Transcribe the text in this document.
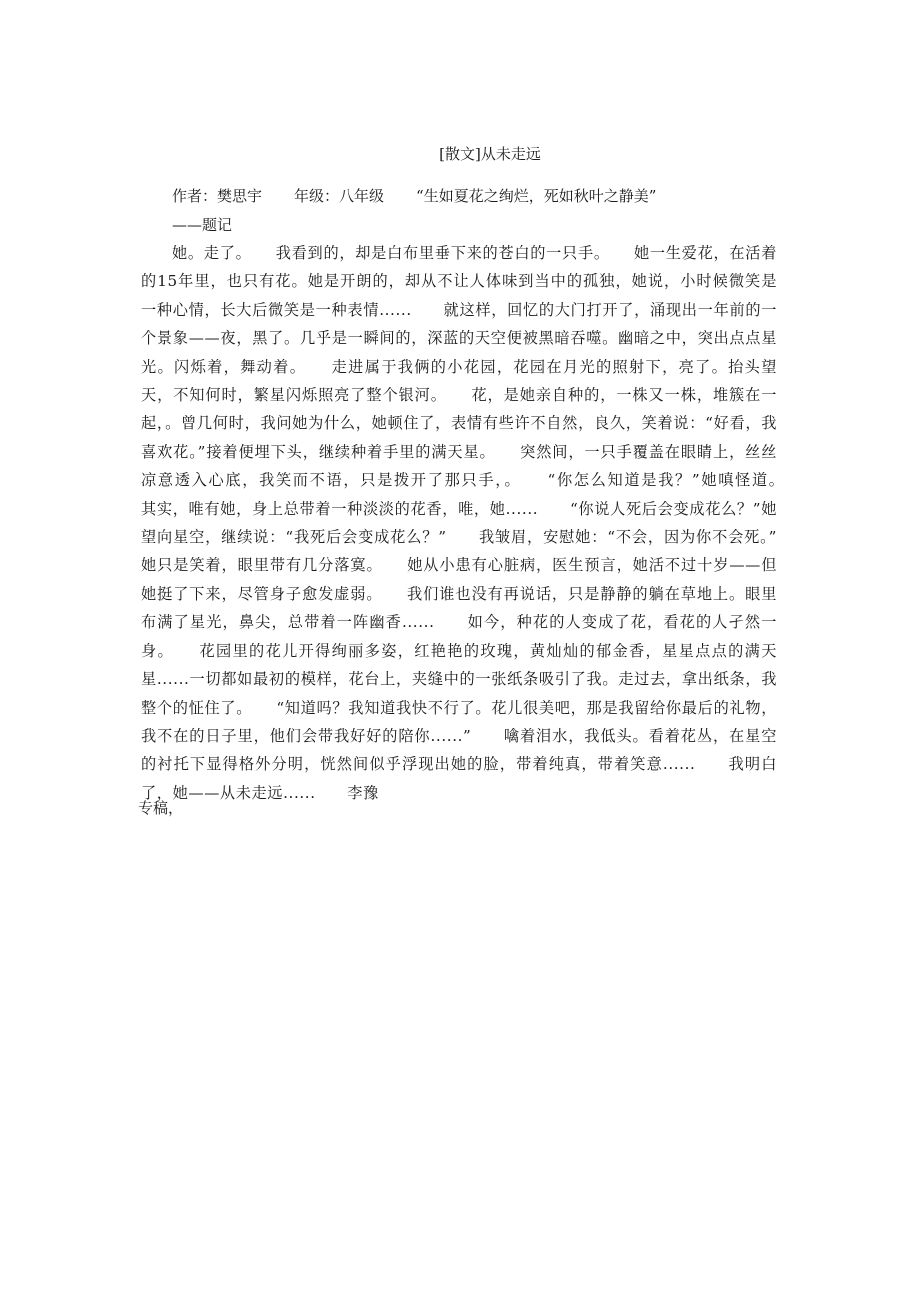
[散文]从未走远
作者：樊思宇 年级：八年级 “生如夏花之绚烂，死如秋叶之静美”
——题记
她。走了。　　我看到的，却是白布里垂下来的苍白的一只手。　　她一生爱花，在活着的15年里，也只有花。她是开朗的，却从不让人体味到当中的孤独，她说，小时候微笑是一种心情，长大后微笑是一种表情......　　就这样，回忆的大门打开了，涌现出一年前的一个景象——夜，黑了。几乎是一瞬间的，深蓝的天空便被黑暗吞噬。幽暗之中，突出点点星光。闪烁着，舞动着。　　走进属于我俩的小花园，花园在月光的照射下，亮了。抬头望天，不知何时，繁星闪烁照亮了整个银河。　　花，是她亲自种的，一株又一株，堆簇在一起，。曾几何时，我问她为什么，她顿住了，表情有些许不自然，良久，笑着说：“好看，我喜欢花。”接着便埋下头，继续种着手里的满天星。　　突然间，一只手覆盖在眼睛上，丝丝凉意透入心底，我笑而不语，只是拨开了那只手，。　　“你怎么知道是我？”她嗔怪道。　　其实，唯有她，身上总带着一种淡淡的花香，唯，她......　　“你说人死后会变成花么？”她望向星空，继续说：“我死后会变成花么？”　　我皱眉，安慰她：“不会，因为你不会死。”　　她只是笑着，眼里带有几分落寞。　　她从小患有心脏病，医生预言，她活不过十岁——但她挺了下来，尽管身子愈发虚弱。　　我们谁也没有再说话，只是静静的躺在草地上。眼里布满了星光，鼻尖，总带着一阵幽香......　　如今，种花的人变成了花，看花的人孑然一身。　　花园里的花儿开得绚丽多姿，红艳艳的玫瑰，黄灿灿的郁金香，星星点点的满天星......一切都如最初的模样，花台上，夹缝中的一张纸条吸引了我。走过去，拿出纸条，我整个的怔住了。　　“知道吗？我知道我快不行了。花儿很美吧，那是我留给你最后的礼物，我不在的日子里，他们会带我好好的陪你......”　　噙着泪水，我低头。看着花丛，在星空的衬托下显得格外分明，恍然间似乎浮现出她的脸，带着纯真，带着笑意......　　我明白了，她——从未走远......　　李豫
专稿，
